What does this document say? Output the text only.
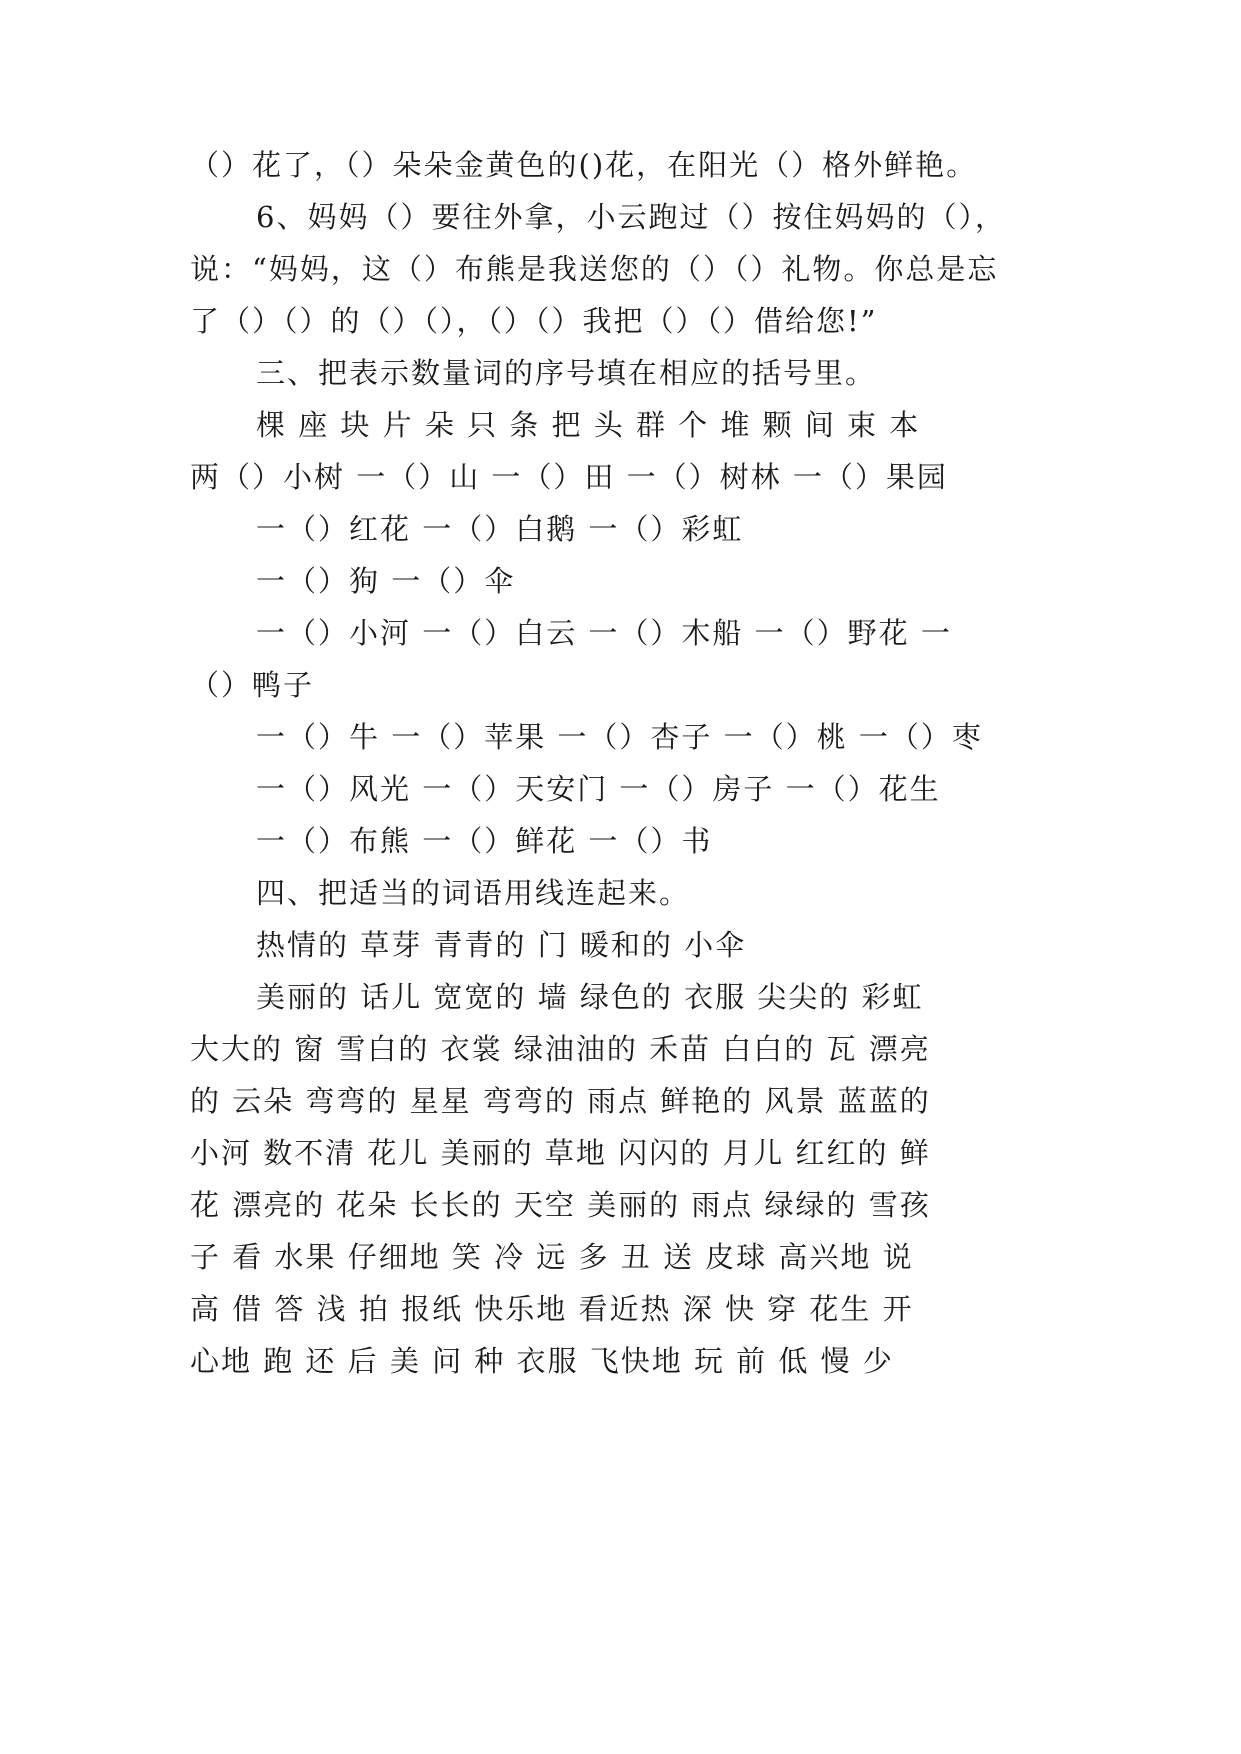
（）花了，（）朵朵金黄色的()花，在阳光（）格外鲜艳。
6、妈妈（）要往外拿，小云跑过（）按住妈妈的（），
说：“妈妈，这（）布熊是我送您的（）（）礼物。你总是忘
了（）（）的（）（），（）（）我把（）（）借给您!”
三、把表示数量词的序号填在相应的括号里。
棵 座 块 片 朵 只 条 把 头 群 个 堆 颗 间 束 本
两（）小树 一（）山 一（）田 一（）树林 一（）果园
一（）红花 一（）白鹅 一（）彩虹
一（）狗 一（）伞
一（）小河 一（）白云 一（）木船 一（）野花 一
（）鸭子
一（）牛 一（）苹果 一（）杏子 一（）桃 一（）枣
一（）风光 一（）天安门 一（）房子 一（）花生
一（）布熊 一（）鲜花 一（）书
四、把适当的词语用线连起来。
热情的 草芽 青青的 门 暖和的 小伞
美丽的 话儿 宽宽的 墙 绿色的 衣服 尖尖的 彩虹
大大的 窗 雪白的 衣裳 绿油油的 禾苗 白白的 瓦 漂亮
的 云朵 弯弯的 星星 弯弯的 雨点 鲜艳的 风景 蓝蓝的
小河 数不清 花儿 美丽的 草地 闪闪的 月儿 红红的 鲜
花 漂亮的 花朵 长长的 天空 美丽的 雨点 绿绿的 雪孩
子 看 水果 仔细地 笑 冷 远 多 丑 送 皮球 高兴地 说
高 借 答 浅 拍 报纸 快乐地 看近热 深 快 穿 花生 开
心地 跑 还 后 美 问 种 衣服 飞快地 玩 前 低 慢 少
